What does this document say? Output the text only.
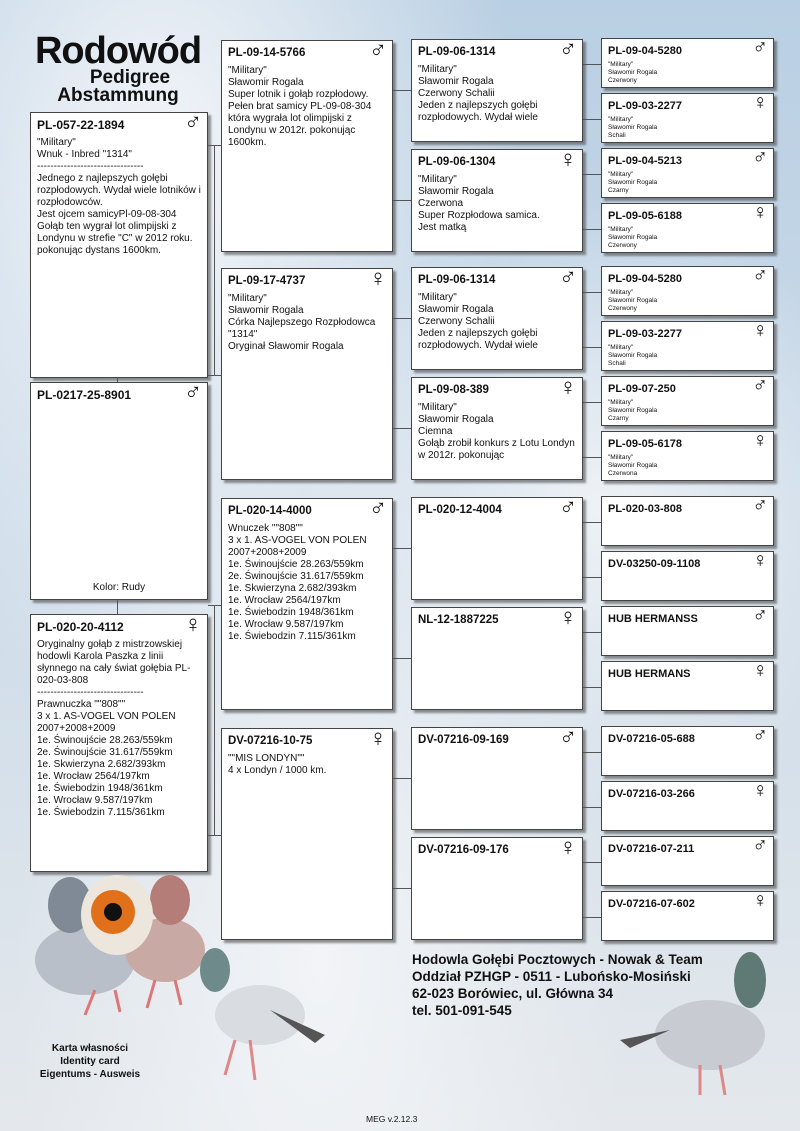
Rodowód
Pedigree
Abstammung
PL-057-22-1894	♂
"Military"
Wnuk - Inbred "1314"
--------------------------------
Jednego z najlepszych gołębi rozpłodowych. Wydał wiele lotników i rozpłodowców.
Jest ojcem samicyPl-09-08-304 Gołąb ten wygrał lot olimpijski z Londynu w strefie "C" w 2012 roku. pokonując dystans 1600km.
PL-0217-25-8901	♂
Kolor: Rudy
PL-020-20-4112	♀
Oryginalny gołąb z mistrzowskiej hodowli Karola Paszka z linii słynnego na cały świat gołębia PL-020-03-808
--------------------------------
Prawnuczka ""808""
3 x 1. AS-VOGEL VON POLEN
2007+2008+2009
1e. Świnoujście 28.263/559km
2e. Świnoujście 31.617/559km
1e. Skwierzyna 2.682/393km
1e. Wrocław 2564/197km
1e. Świebodzin 1948/361km
1e. Wrocław 9.587/197km
1e. Świebodzin 7.115/361km
PL-09-14-5766	♂
"Military"
Sławomir Rogala
Super lotnik i gołąb rozpłodowy. Pełen brat samicy PL-09-08-304 która wygrała lot olimpijski z Londynu w 2012r. pokonując 1600km.
PL-09-06-1314	♂
"Military"
Sławomir Rogala
Czerwony Schalii
Jeden z najlepszych gołębi rozpłodowych. Wydał wiele
PL-09-04-5280	♂
"Military"
Sławomir Rogala
Czerwony
PL-09-03-2277	♀
"Military"
Sławomir Rogala
Schali
PL-09-06-1304	♀
"Military"
Sławomir Rogala
Czerwona
Super Rozpłodowa samica.
Jest matką
PL-09-04-5213	♂
"Military"
Sławomir Rogala
Czarny
PL-09-05-6188	♀
"Military"
Sławomir Rogala
Czerwony
PL-09-17-4737	♀
"Military"
Sławomir Rogala
Córka Najlepszego Rozpłodowca "1314"
Oryginał Sławomir Rogala
PL-09-06-1314	♂
"Military"
Sławomir Rogala
Czerwony Schalii
Jeden z najlepszych gołębi rozpłodowych. Wydał wiele
PL-09-04-5280	♂
"Military"
Sławomir Rogala
Czerwony
PL-09-03-2277	♀
"Military"
Sławomir Rogala
Schali
PL-09-08-389	♀
"Military"
Sławomir Rogala
Ciemna
Gołąb zrobił konkurs z Lotu Londyn w 2012r. pokonując
PL-09-07-250	♂
"Military"
Sławomir Rogala
Czarny
PL-09-05-6178	♀
"Military"
Sławomir Rogala
Czerwona
PL-020-14-4000	♂
Wnuczek ""808""
3 x 1. AS-VOGEL VON POLEN
2007+2008+2009
1e. Świnoujście 28.263/559km
2e. Świnoujście 31.617/559km
1e. Skwierzyna 2.682/393km
1e. Wrocław 2564/197km
1e. Świebodzin 1948/361km
1e. Wrocław 9.587/197km
1e. Świebodzin 7.115/361km
PL-020-12-4004	♂	PL-020-03-808	♂
DV-03250-09-1108	♀
NL-12-1887225	♀	HUB HERMANSS	♂
HUB HERMANS	♀
DV-07216-10-75	♀
""MIS LONDYN""
4 x Londyn / 1000 km.
DV-07216-09-169	♂	DV-07216-05-688	♂
DV-07216-03-266	♀
DV-07216-09-176	♀	DV-07216-07-211	♂
DV-07216-07-602	♀
Hodowla Gołębi Pocztowych - Nowak & Team
Oddział PZHGP - 0511 - Lubońsko-Mosiński
62-023 Borówiec, ul. Główna 34
tel. 501-091-545
Karta własności
Identity card
Eigentums - Ausweis
MEG v.2.12.3
